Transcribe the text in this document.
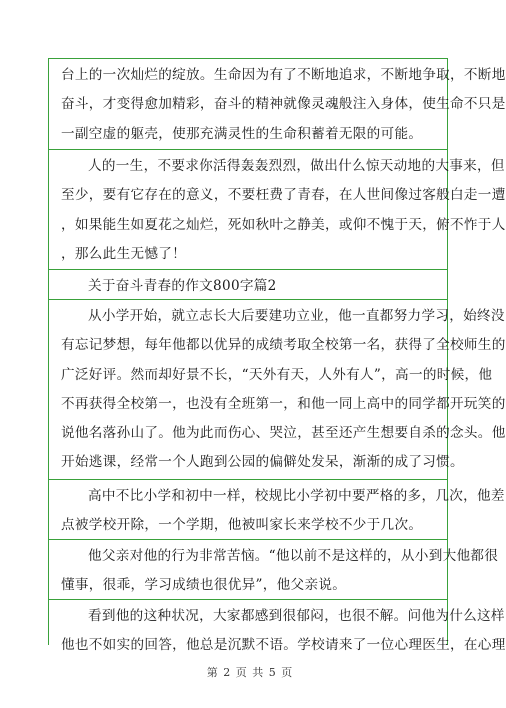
台上的一次灿烂的绽放。生命因为有了不断地追求，不断地争取，不断地
奋斗，才变得愈加精彩，奋斗的精神就像灵魂般注入身体，使生命不只是
一副空虚的躯壳，使那充满灵性的生命积蓄着无限的可能。
人的一生，不要求你活得轰轰烈烈，做出什么惊天动地的大事来，但
至少，要有它存在的意义，不要枉费了青春，在人世间像过客般白走一遭
，如果能生如夏花之灿烂，死如秋叶之静美，或仰不愧于天，俯不怍于人
，那么此生无憾了！
关于奋斗青春的作文800字篇2
从小学开始，就立志长大后要建功立业，他一直都努力学习，始终没
有忘记梦想，每年他都以优异的成绩考取全校第一名，获得了全校师生的
广泛好评。然而却好景不长，“天外有天，人外有人”，高一的时候，他
不再获得全校第一，也没有全班第一，和他一同上高中的同学都开玩笑的
说他名落孙山了。他为此而伤心、哭泣，甚至还产生想要自杀的念头。他
开始逃课，经常一个人跑到公园的偏僻处发呆，渐渐的成了习惯。
高中不比小学和初中一样，校规比小学初中要严格的多，几次，他差
点被学校开除，一个学期，他被叫家长来学校不少于几次。
他父亲对他的行为非常苦恼。“他以前不是这样的，从小到大他都很
懂事，很乖，学习成绩也很优异”，他父亲说。
看到他的这种状况，大家都感到很郁闷，也很不解。问他为什么这样
他也不如实的回答，他总是沉默不语。学校请来了一位心理医生，在心理
第 2 页 共 5 页
